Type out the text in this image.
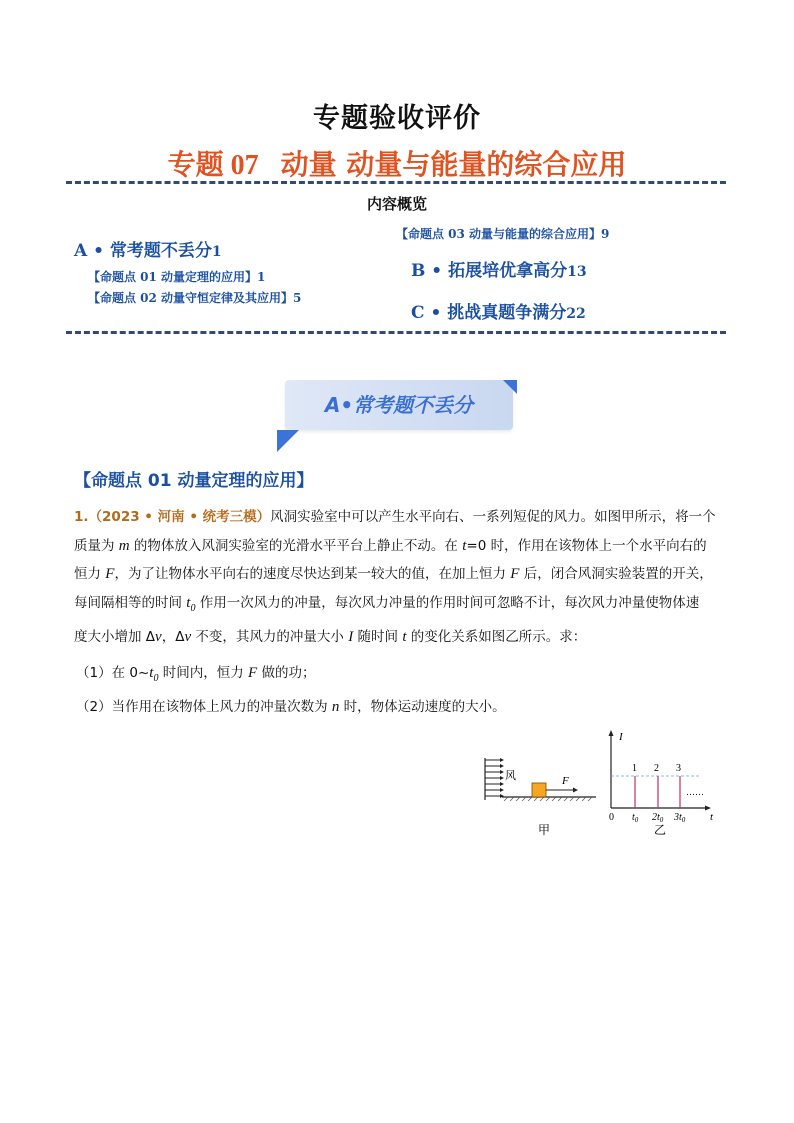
专题验收评价
专题 07 动量 动量与能量的综合应用
内容概览
A • 常考题不丢分1
【命题点 01 动量定理的应用】1
【命题点 02 动量守恒定律及其应用】5
【命题点 03 动量与能量的综合应用】9
B • 拓展培优拿高分13
C • 挑战真题争满分22
A•常考题不丢分
【命题点 01 动量定理的应用】
1.（2023 • 河南 • 统考三模）风洞实验室中可以产生水平向右、一系列短促的风力。如图甲所示，将一个
质量为 m 的物体放入风洞实验室的光滑水平平台上静止不动。在 t=0 时，作用在该物体上一个水平向右的
恒力 F，为了让物体水平向右的速度尽快达到某一较大的值，在加上恒力 F 后，闭合风洞实验装置的开关，
每间隔相等的时间 $t_0$ 作用一次风力的冲量，每次风力冲量的作用时间可忽略不计，每次风力冲量使物体速
度大小增加 Δv，Δv 不变，其风力的冲量大小 I 随时间 t 的变化关系如图乙所示。求：
（1）在 $0\sim t_0$ 时间内，恒力 F 做的功；
（2）当作用在该物体上风力的冲量次数为 n 时，物体运动速度的大小。
风	F
甲
I
t
0
1 2 3
……
$t_0$ $2t_0$ $3t_0$
乙
